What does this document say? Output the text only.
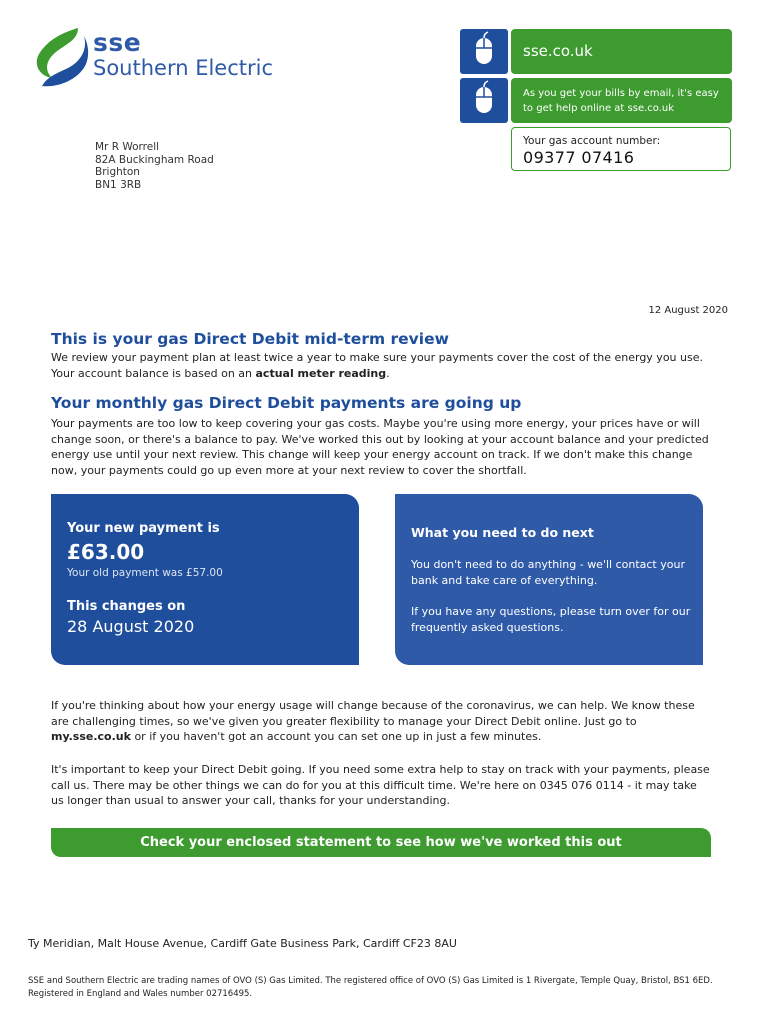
sse
Southern Electric
sse.co.uk
As you get your bills by email, it's easy to get help online at sse.co.uk
Your gas account number:
09377 07416
Mr R Worrell
82A Buckingham Road
Brighton
BN1 3RB
12 August 2020
This is your gas Direct Debit mid-term review

We review your payment plan at least twice a year to make sure your payments cover the cost of the energy you use. Your account balance is based on an actual meter reading.

Your monthly gas Direct Debit payments are going up

Your payments are too low to keep covering your gas costs. Maybe you're using more energy, your prices have or will change soon, or there's a balance to pay. We've worked this out by looking at your account balance and your predicted energy use until your next review. This change will keep your energy account on track. If we don't make this change now, your payments could go up even more at your next review to cover the shortfall.

Your new payment is
£63.00
Your old payment was £57.00
This changes on
28 August 2020
What you need to do next
You don't need to do anything - we'll contact your bank and take care of everything.
If you have any questions, please turn over for our frequently asked questions.

If you're thinking about how your energy usage will change because of the coronavirus, we can help. We know these are challenging times, so we've given you greater flexibility to manage your Direct Debit online. Just go to my.sse.co.uk or if you haven't got an account you can set one up in just a few minutes.

It's important to keep your Direct Debit going. If you need some extra help to stay on track with your payments, please call us. There may be other things we can do for you at this difficult time. We're here on 0345 076 0114 - it may take us longer than usual to answer your call, thanks for your understanding.

Check your enclosed statement to see how we've worked this out
Ty Meridian, Malt House Avenue, Cardiff Gate Business Park, Cardiff CF23 8AU
SSE and Southern Electric are trading names of OVO (S) Gas Limited. The registered office of OVO (S) Gas Limited is 1 Rivergate, Temple Quay, Bristol, BS1 6ED. Registered in England and Wales number 02716495.
